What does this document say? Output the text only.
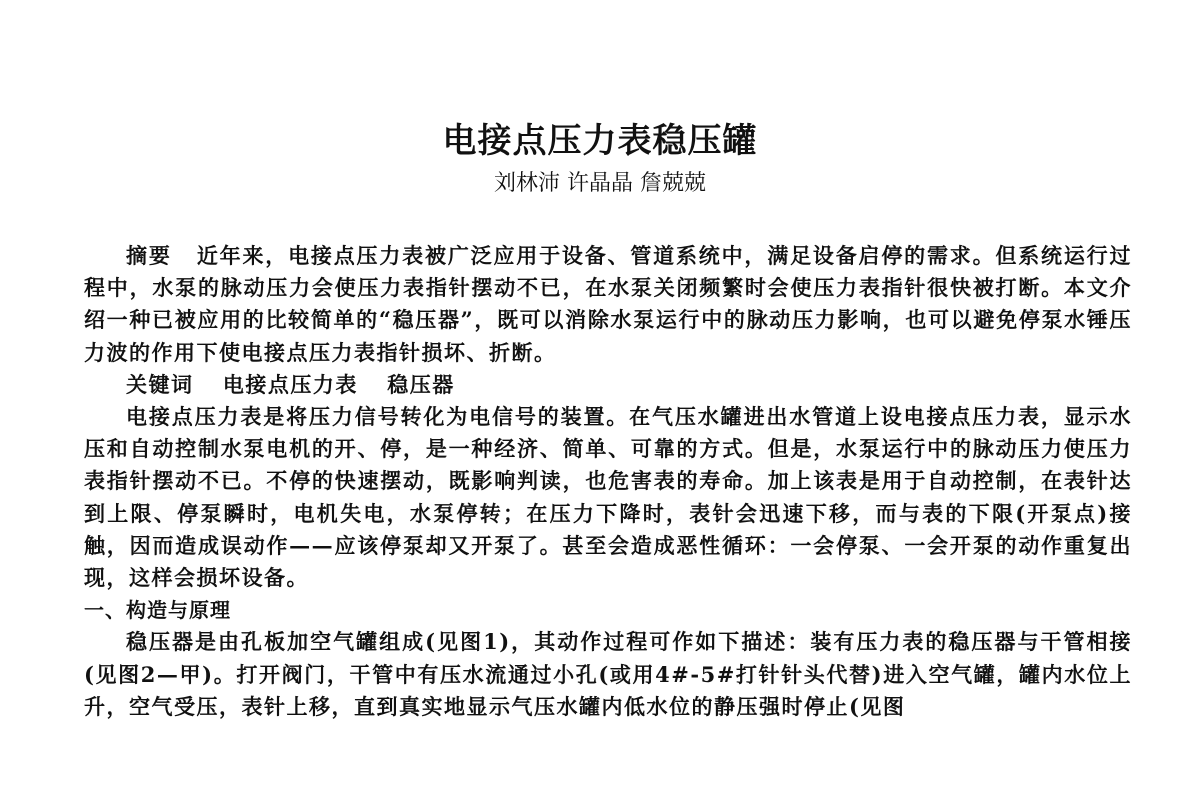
电接点压力表稳压罐
刘林沛 许晶晶 詹兢兢

摘要 近年来，电接点压力表被广泛应用于设备、管道系统中，满足设备启停的需求。但系统运行过程中，水泵的脉动压力会使压力表指针摆动不已，在水泵关闭频繁时会使压力表指针很快被打断。本文介绍一种已被应用的比较简单的“稳压器”，既可以消除水泵运行中的脉动压力影响，也可以避免停泵水锤压力波的作用下使电接点压力表指针损坏、折断。

关键词 电接点压力表 稳压器

电接点压力表是将压力信号转化为电信号的装置。在气压水罐进出水管道上设电接点压力表，显示水压和自动控制水泵电机的开、停，是一种经济、简单、可靠的方式。但是，水泵运行中的脉动压力使压力表指针摆动不已。不停的快速摆动，既影响判读，也危害表的寿命。加上该表是用于自动控制，在表针达到上限、停泵瞬时，电机失电，水泵停转；在压力下降时，表针会迅速下移，而与表的下限(开泵点)接触，因而造成误动作——应该停泵却又开泵了。甚至会造成恶性循环：一会停泵、一会开泵的动作重复出现，这样会损坏设备。

一、构造与原理

稳压器是由孔板加空气罐组成(见图1)，其动作过程可作如下描述：装有压力表的稳压器与干管相接(见图2—甲)。打开阀门，干管中有压水流通过小孔(或用4#-5#打针针头代替)进入空气罐，罐内水位上升，空气受压，表针上移，直到真实地显示气压水罐内低水位的静压强时停止(见图
